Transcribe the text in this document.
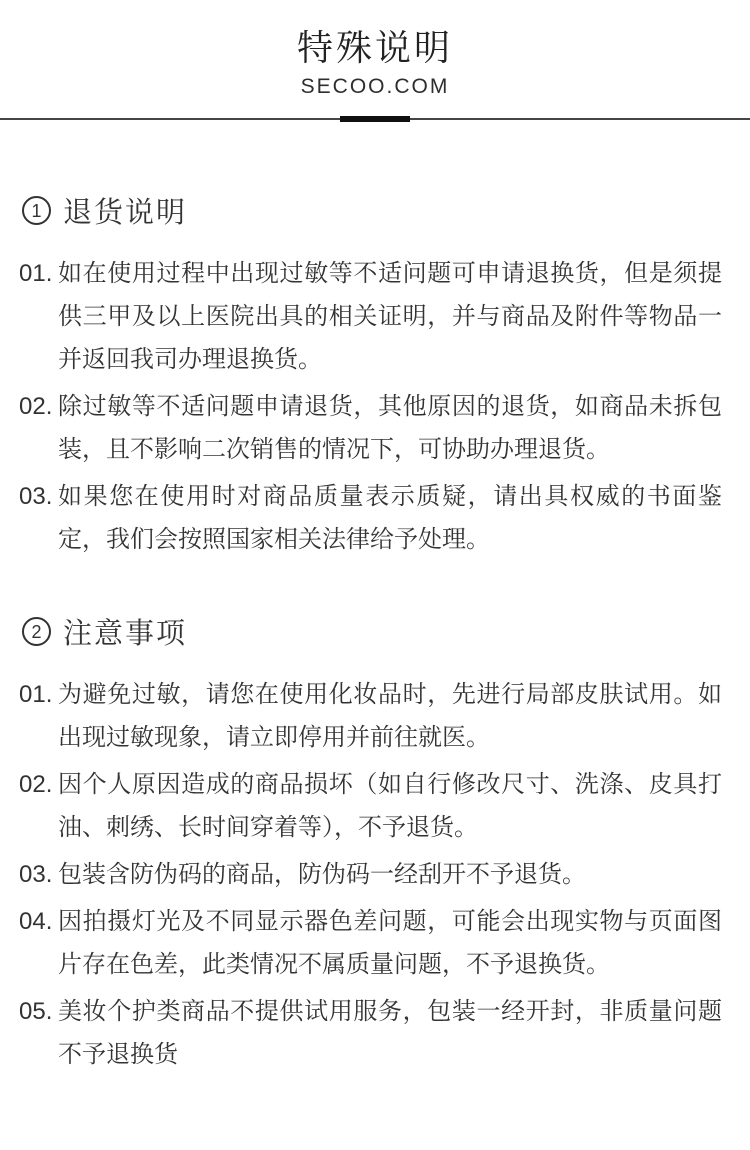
特殊说明
SECOO.COM
1 退货说明
01. 如在使用过程中出现过敏等不适问题可申请退换货，但是须提供三甲及以上医院出具的相关证明，并与商品及附件等物品一并返回我司办理退换货。
02. 除过敏等不适问题申请退货，其他原因的退货，如商品未拆包装，且不影响二次销售的情况下，可协助办理退货。
03. 如果您在使用时对商品质量表示质疑，请出具权威的书面鉴定，我们会按照国家相关法律给予处理。
2 注意事项
01. 为避免过敏，请您在使用化妆品时，先进行局部皮肤试用。如出现过敏现象，请立即停用并前往就医。
02. 因个人原因造成的商品损坏（如自行修改尺寸、洗涤、皮具打油、刺绣、长时间穿着等），不予退货。
03. 包装含防伪码的商品，防伪码一经刮开不予退货。
04. 因拍摄灯光及不同显示器色差问题，可能会出现实物与页面图片存在色差，此类情况不属质量问题，不予退换货。
05. 美妆个护类商品不提供试用服务，包装一经开封，非质量问题不予退换货
